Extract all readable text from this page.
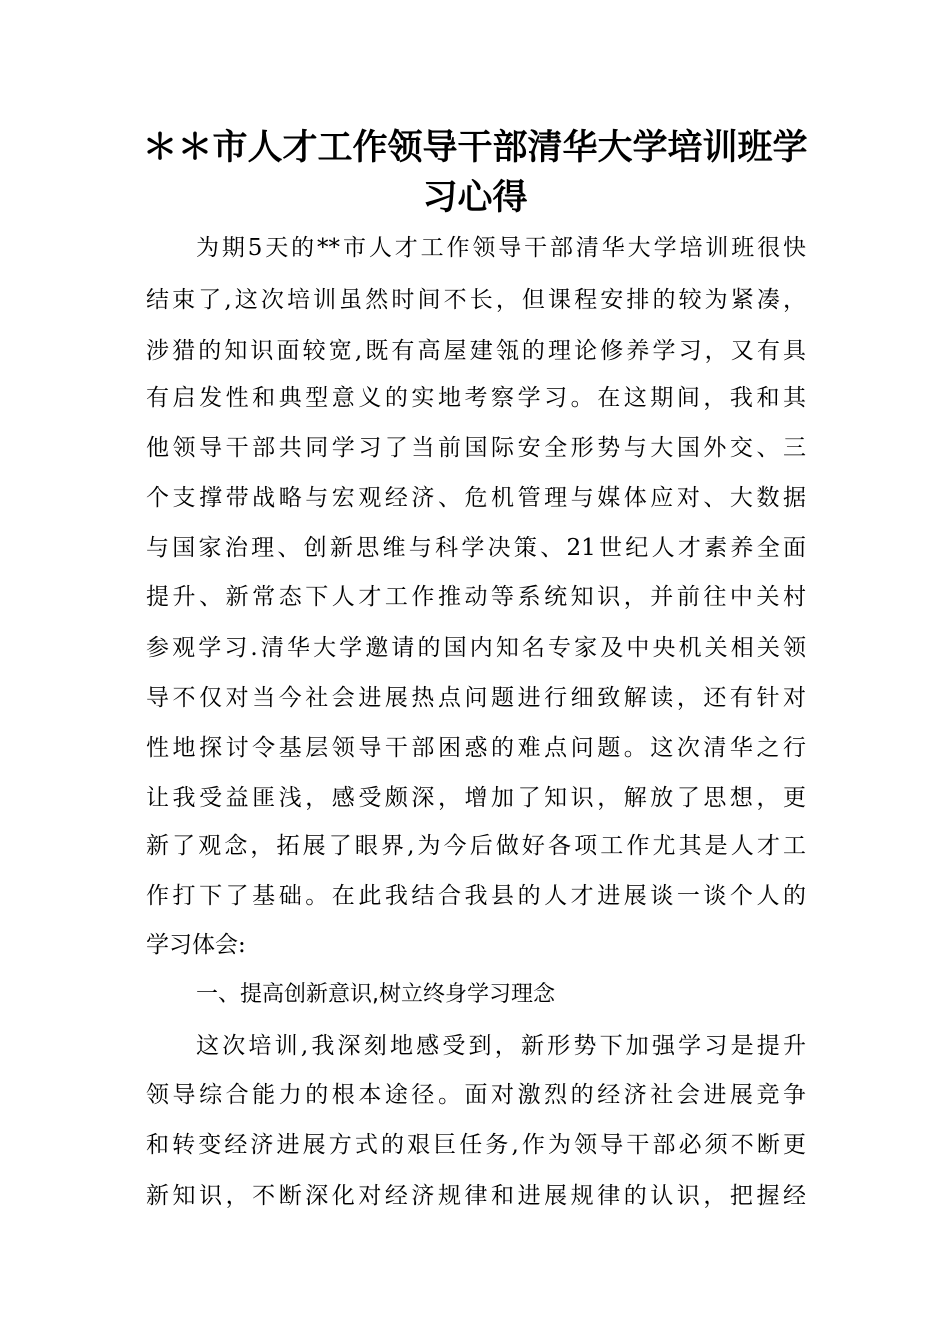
＊＊市人才工作领导干部清华大学培训班学
习心得
为期5天的**市人才工作领导干部清华大学培训班很快
结束了,这次培训虽然时间不长，但课程安排的较为紧凑，
涉猎的知识面较宽,既有高屋建瓴的理论修养学习，又有具
有启发性和典型意义的实地考察学习。在这期间，我和其
他领导干部共同学习了当前国际安全形势与大国外交、三
个支撑带战略与宏观经济、危机管理与媒体应对、大数据
与国家治理、创新思维与科学决策、21世纪人才素养全面
提升、新常态下人才工作推动等系统知识，并前往中关村
参观学习.清华大学邀请的国内知名专家及中央机关相关领
导不仅对当今社会进展热点问题进行细致解读，还有针对
性地探讨令基层领导干部困惑的难点问题。这次清华之行
让我受益匪浅，感受颇深，增加了知识，解放了思想，更
新了观念，拓展了眼界,为今后做好各项工作尤其是人才工
作打下了基础。在此我结合我县的人才进展谈一谈个人的
学习体会:
一、提高创新意识,树立终身学习理念
这次培训,我深刻地感受到，新形势下加强学习是提升
领导综合能力的根本途径。面对激烈的经济社会进展竞争
和转变经济进展方式的艰巨任务,作为领导干部必须不断更
新知识，不断深化对经济规律和进展规律的认识，把握经
